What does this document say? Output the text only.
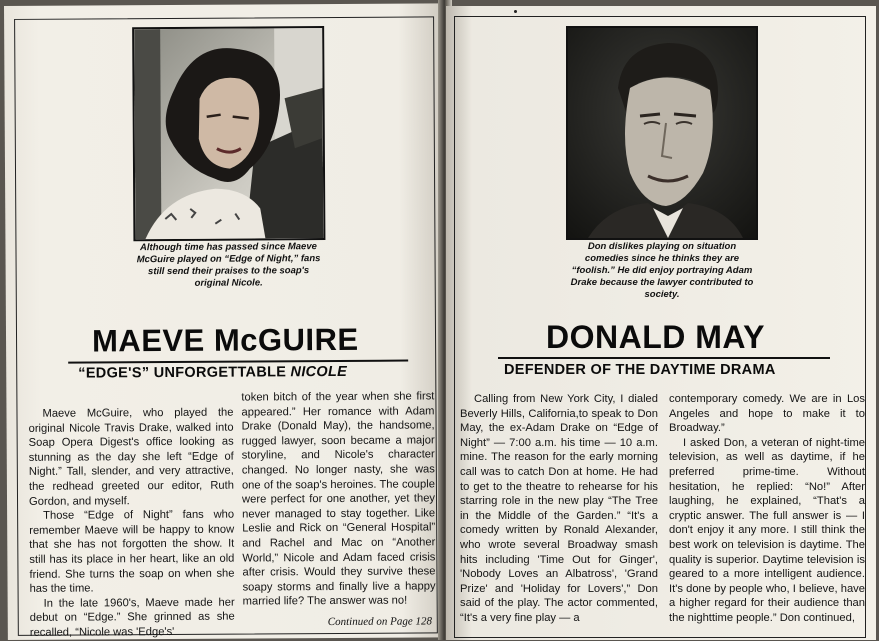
Although time has passed since Maeve McGuire played on “Edge of Night,” fans still send their praises to the soap's original Nicole.
MAEVE McGUIRE
“EDGE'S” UNFORGETTABLE NICOLE

Maeve McGuire, who played the original Nicole Travis Drake, walked into Soap Opera Digest's office looking as stunning as the day she left “Edge of Night.” Tall, slender, and very attractive, the redhead greeted our editor, Ruth Gordon, and myself.

Those “Edge of Night” fans who remember Maeve will be happy to know that she has not forgotten the show. It still has its place in her heart, like an old friend. She turns the soap on when she has the time.

In the late 1960's, Maeve made her debut on “Edge.” She grinned as she recalled, “Nicole was 'Edge's'

token bitch of the year when she first appeared.” Her romance with Adam Drake (Donald May), the handsome, rugged lawyer, soon became a major storyline, and Nicole's character changed. No longer nasty, she was one of the soap's heroines. The couple were perfect for one another, yet they never managed to stay together. Like Leslie and Rick on “General Hospital” and Rachel and Mac on “Another World,” Nicole and Adam faced crisis after crisis. Would they survive these soapy storms and finally live a happy married life? The answer was no!

Continued on Page 128
Don dislikes playing on situation comedies since he thinks they are “foolish.” He did enjoy portraying Adam Drake because the lawyer contributed to society.
DONALD MAY
DEFENDER OF THE DAYTIME DRAMA

Calling from New York City, I dialed Beverly Hills, California,to speak to Don May, the ex-Adam Drake on “Edge of Night” — 7:00 a.m. his time — 10 a.m. mine. The reason for the early morning call was to catch Don at home. He had to get to the theatre to rehearse for his starring role in the new play “The Tree in the Middle of the Garden.” “It's a comedy written by Ronald Alexander, who wrote several Broadway smash hits including 'Time Out for Ginger', 'Nobody Loves an Albatross', 'Grand Prize' and 'Holiday for Lovers',” Don said of the play. The actor commented, “It's a very fine play — a

contemporary comedy. We are in Los Angeles and hope to make it to Broadway.”

I asked Don, a veteran of night-time television, as well as daytime, if he preferred prime-time. Without hesitation, he replied: “No!” After laughing, he explained, “That's a cryptic answer. The full answer is — I don't enjoy it any more. I still think the best work on television is daytime. The quality is superior. Daytime television is geared to a more intelligent audience. It's done by people who, I believe, have a higher regard for their audience than the nighttime people.” Don continued,
